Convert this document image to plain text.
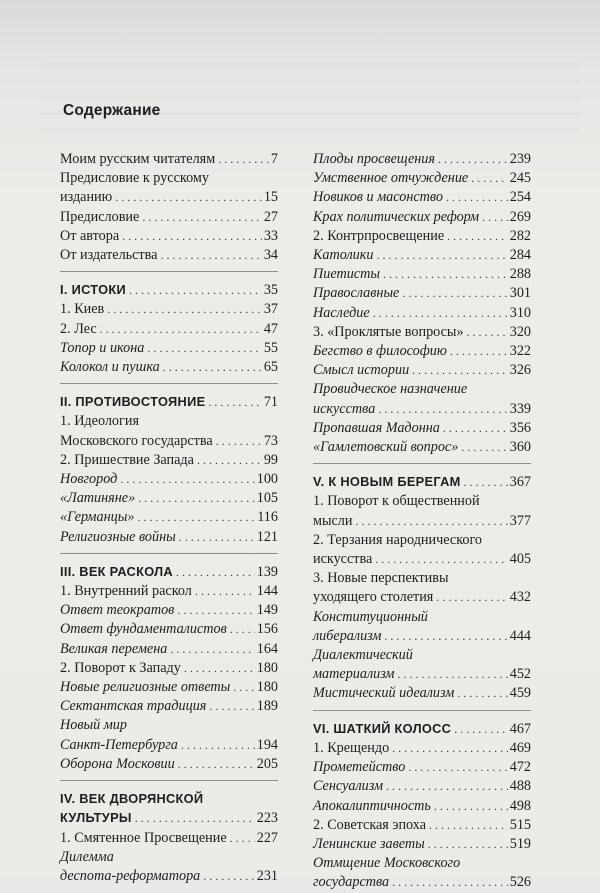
Содержание
Моим русским читателям . . .	7
Предисловие к русскому
изданию . . .	15
Предисловие . . .	27
От автора . . .	33
От издательства . . .	34
I. ИСТОКИ . . .	35
1. Киев . . .	37
2. Лес . . .	47
Топор и икона . . .	55
Колокол и пушка . . .	65
II. ПРОТИВОСТОЯНИЕ . . .	71
1. Идеология
Московского государства . . .	73
2. Пришествие Запада . . .	99
Новгород . . .	100
«Латиняне» . . .	105
«Германцы» . . .	116
Религиозные войны . . .	121
III. ВЕК РАСКОЛА . . .	139
1. Внутренний раскол . . .	144
Ответ теократов . . .	149
Ответ фундаменталистов . . . 156
Великая перемена . . .	164
2. Поворот к Западу . . .	180
Новые религиозные ответы . . . 180
Сектантская традиция . . .	189
Новый мир
Санкт-Петербурга . . .	194
Оборона Московии . . .	205
IV. ВЕК ДВОРЯНСКОЙ
КУЛЬТУРЫ . . .	223
1. Смятенное Просвещение . . . 227
Дилемма
деспота-реформатора . . .	231
Плоды просвещения . . .	239
Умственное отчуждение . . .	245
Новиков и масонство . . .	254
Крах политических реформ . . . 269
2. Контрпросвещение . . .	282
Католики . . .	284
Пиетисты . . .	288
Православные . . .	301
Наследие . . .	310
3. «Проклятые вопросы» . . .	320
Бегство в философию . . .	322
Смысл истории . . .	326
Провидческое назначение
искусства . . .	339
Пропавшая Мадонна . . .	356
«Гамлетовский вопрос» . . .	360
V. К НОВЫМ БЕРЕГАМ . . .	367
1. Поворот к общественной
мысли . . .	377
2. Терзания народнического
искусства . . .	405
3. Новые перспективы
уходящего столетия . . .	432
Конституционный
либерализм . . .	444
Диалектический
материализм . . .	452
Мистический идеализм . . .	459
VI. ШАТКИЙ КОЛОСС . . .	467
1. Крещендо . . .	469
Прометейство . . .	472
Сенсуализм . . .	488
Апокалиптичность . . .	498
2. Советская эпоха . . .	515
Ленинские заветы . . .	519
Отмщение Московского
государства . . .	526
